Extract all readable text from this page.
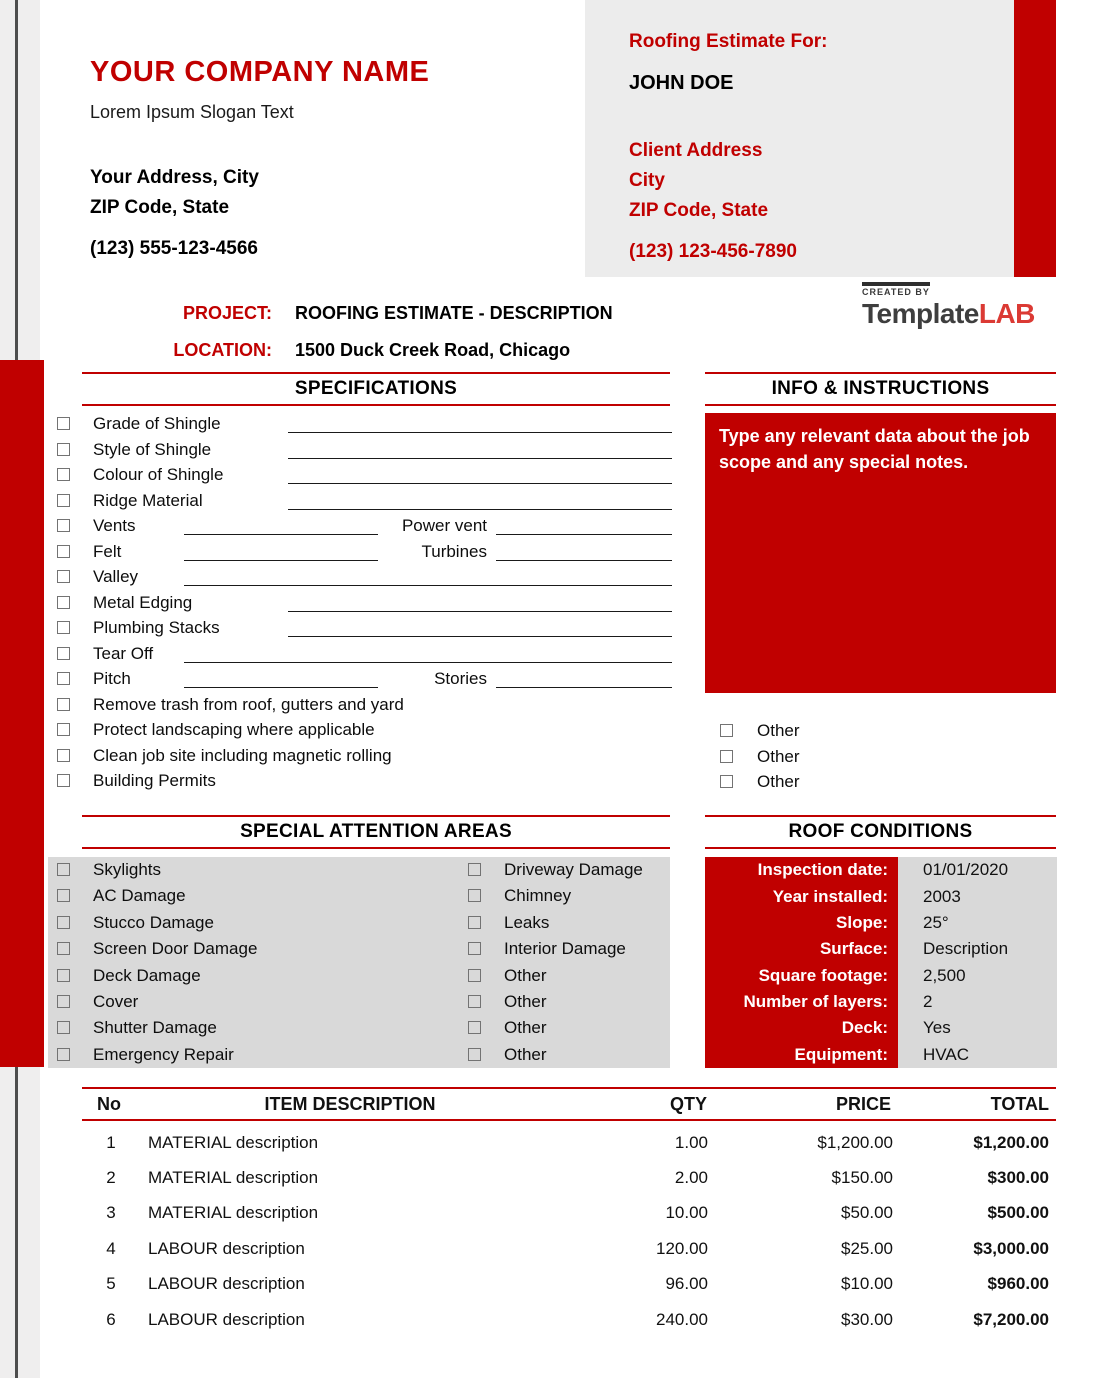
YOUR COMPANY NAME
Lorem Ipsum Slogan Text
Your Address, City
ZIP Code, State
(123) 555-123-4566
Roofing Estimate For:
JOHN DOE
Client Address
City
ZIP Code, State
(123) 123-456-7890
PROJECT:	ROOFING ESTIMATE - DESCRIPTION
LOCATION:	1500 Duck Creek Road, Chicago
CREATED BY
TemplateLAB
SPECIFICATIONS	INFO & INSTRUCTIONS
Grade of Shingle
Style of Shingle
Colour of Shingle
Ridge Material
Vents	Power vent
Felt	Turbines
Valley
Metal Edging
Plumbing Stacks
Tear Off
Pitch	Stories
Remove trash from roof, gutters and yard
Protect landscaping where applicable
Clean job site including magnetic rolling
Building Permits
Type any relevant data about the job scope and any special notes.
Other
Other
Other
SPECIAL ATTENTION AREAS	ROOF CONDITIONS
Skylights	Driveway Damage
AC Damage	Chimney
Stucco Damage	Leaks
Screen Door Damage	Interior Damage
Deck Damage	Other
Cover	Other
Shutter Damage	Other
Emergency Repair	Other
Inspection date:	01/01/2020
Year installed:	2003
Slope:	25°
Surface:	Description
Square footage:	2,500
Number of layers:	2
Deck:	Yes
Equipment:	HVAC
No	ITEM DESCRIPTION	QTY	PRICE	TOTAL
1	MATERIAL description	1.00	$1,200.00	$1,200.00
2	MATERIAL description	2.00	$150.00	$300.00
3	MATERIAL description	10.00	$50.00	$500.00
4	LABOUR description	120.00	$25.00	$3,000.00
5	LABOUR description	96.00	$10.00	$960.00
6	LABOUR description	240.00	$30.00	$7,200.00
